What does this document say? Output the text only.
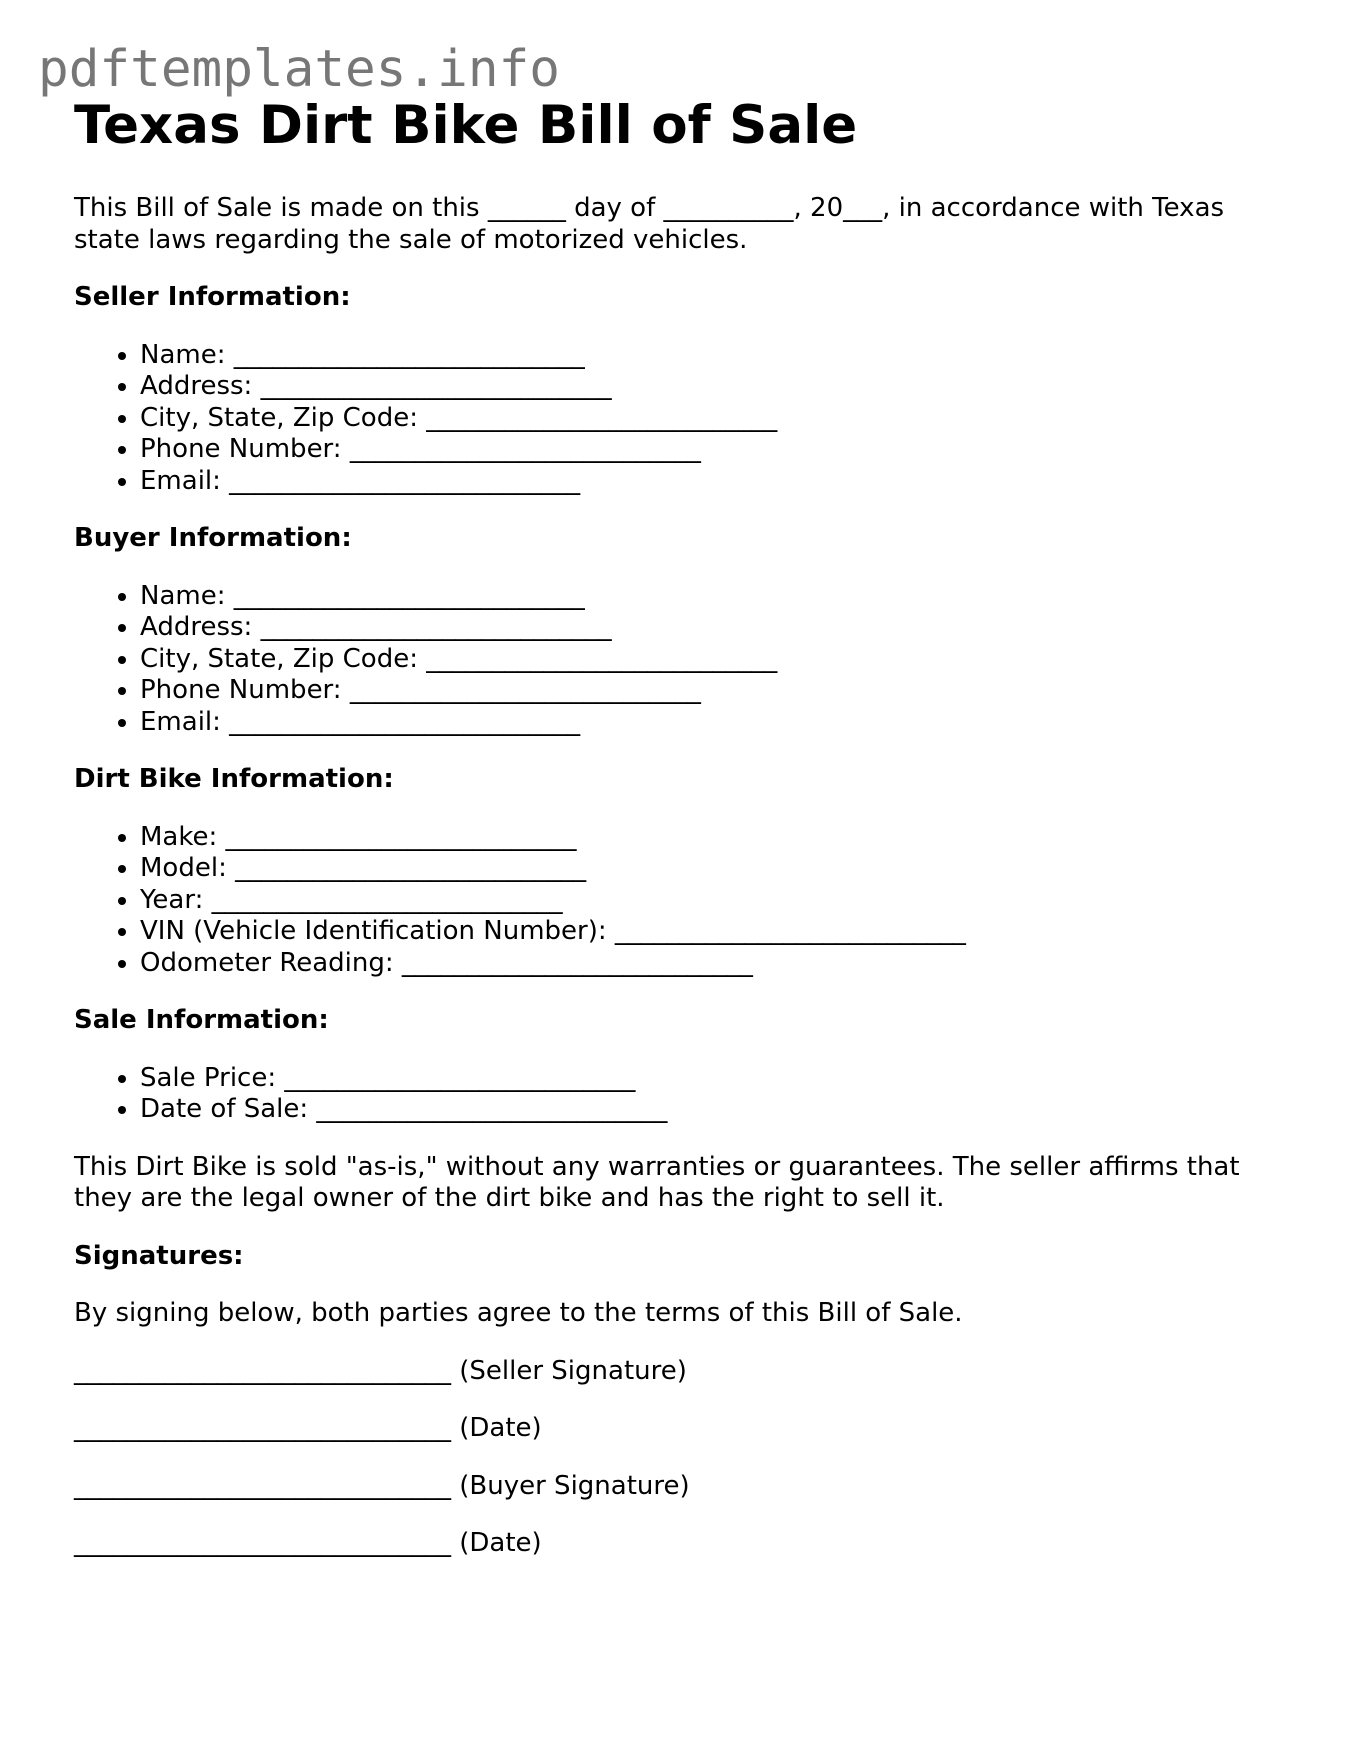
pdftemplates.info
Texas Dirt Bike Bill of Sale

This Bill of Sale is made on this ______ day of __________, 20___, in accordance with Texas state laws regarding the sale of motorized vehicles.

Seller Information:
• Name: ___________________________
• Address: ___________________________
• City, State, Zip Code: ___________________________
• Phone Number: ___________________________
• Email: ___________________________
Buyer Information:
• Name: ___________________________
• Address: ___________________________
• City, State, Zip Code: ___________________________
• Phone Number: ___________________________
• Email: ___________________________
Dirt Bike Information:
• Make: ___________________________
• Model: ___________________________
• Year: ___________________________
• VIN (Vehicle Identification Number): ___________________________
• Odometer Reading: ___________________________
Sale Information:
• Sale Price: ___________________________
• Date of Sale: ___________________________

This Dirt Bike is sold "as-is," without any warranties or guarantees. The seller affirms that they are the legal owner of the dirt bike and has the right to sell it.

Signatures:

By signing below, both parties agree to the terms of this Bill of Sale.

_____________________________ (Seller Signature)
_____________________________ (Date)
_____________________________ (Buyer Signature)
_____________________________ (Date)
